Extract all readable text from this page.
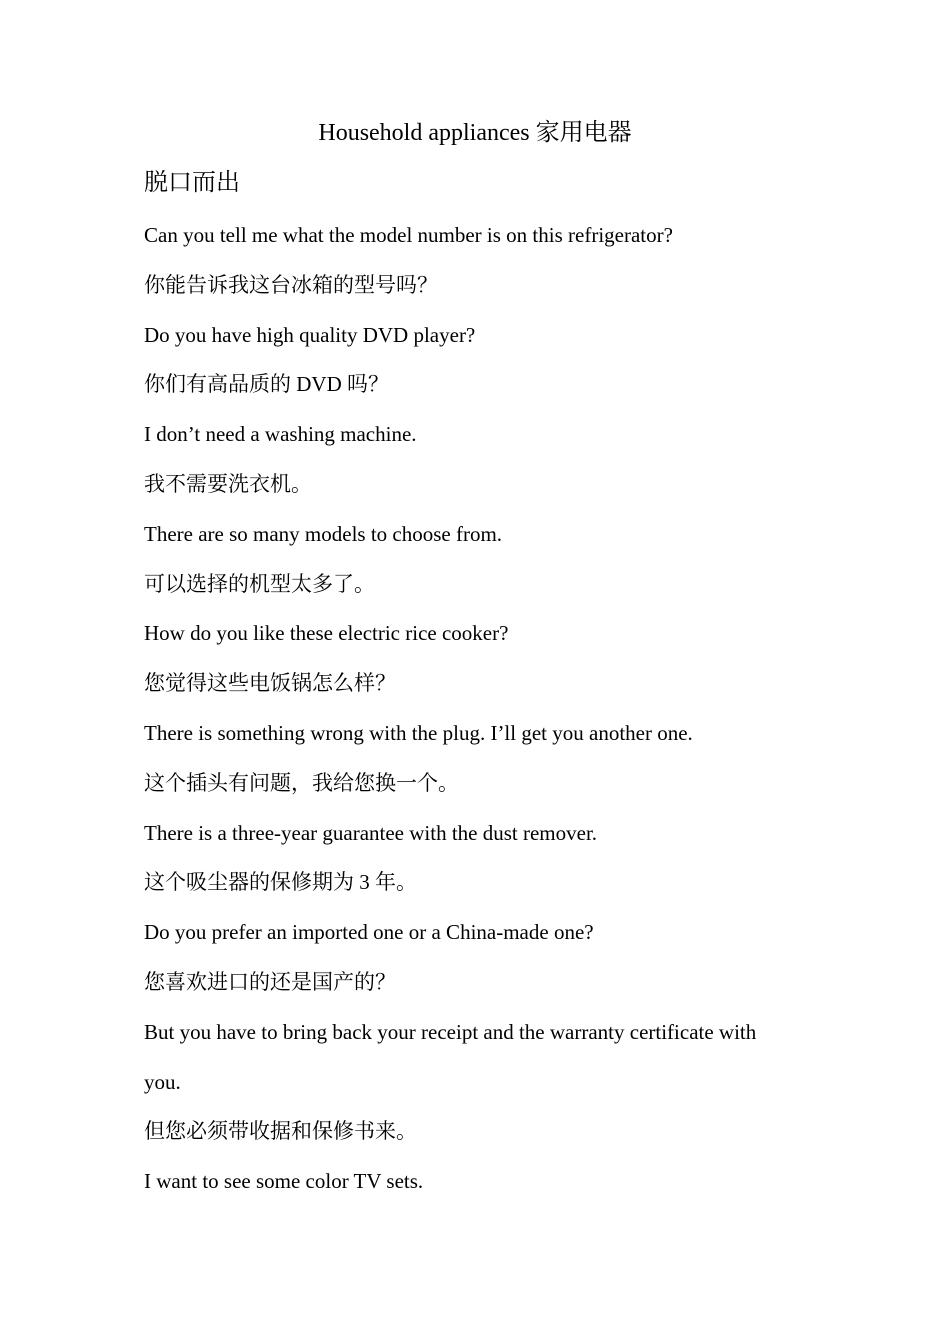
Household appliances 家用电器
脱口而出
Can you tell me what the model number is on this refrigerator?
你能告诉我这台冰箱的型号吗？
Do you have high quality DVD player?
你们有高品质的 DVD 吗？
I don’t need a washing machine.
我不需要洗衣机。
There are so many models to choose from.
可以选择的机型太多了。
How do you like these electric rice cooker?
您觉得这些电饭锅怎么样？
There is something wrong with the plug. I’ll get you another one.
这个插头有问题，我给您换一个。
There is a three-year guarantee with the dust remover.
这个吸尘器的保修期为 3 年。
Do you prefer an imported one or a China-made one?
您喜欢进口的还是国产的？
But you have to bring back your receipt and the warranty certificate with
you.
但您必须带收据和保修书来。
I want to see some color TV sets.
